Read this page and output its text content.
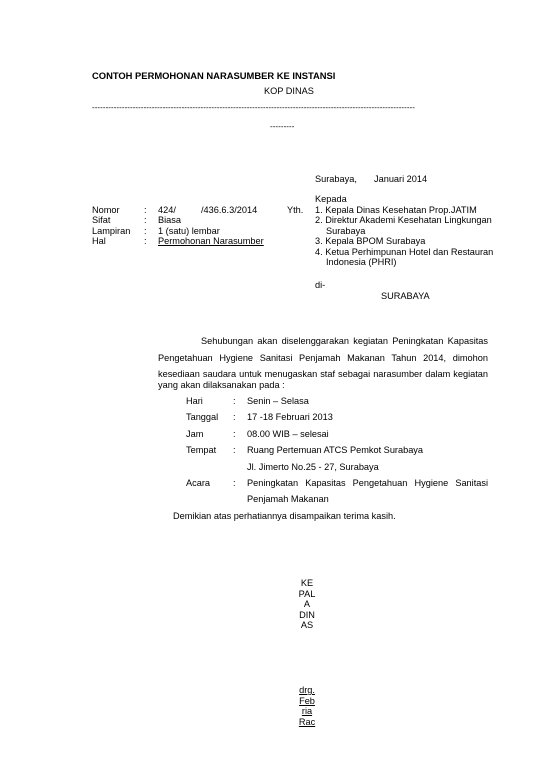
CONTOH PERMOHONAN NARASUMBER KE INSTANSI
KOP DINAS
-----------------------------------------------------------------------------------------------------------------------
---------
Surabaya, Januari 2014
Nomor	: 424/	/436.6.3/2014	Yth.
Sifat	: Biasa
Lampiran : 1 (satu) lembar
Hal	: Permohonan Narasumber
Kepada
1. Kepala Dinas Kesehatan Prop.JATIM
2. Direktur Akademi Kesehatan Lingkungan
Surabaya
3. Kepala BPOM Surabaya
4. Ketua Perhimpunan Hotel dan Restauran
Indonesia (PHRI)
di-
SURABAYA
Sehubungan akan diselenggarakan kegiatan Peningkatan Kapasitas
Pengetahuan Hygiene Sanitasi Penjamah Makanan Tahun 2014, dimohon
kesediaan saudara untuk menugaskan staf sebagai narasumber dalam kegiatan
yang akan dilaksanakan pada :
Hari	: Senin – Selasa
Tanggal : 17 -18 Februari 2013
Jam	: 08.00 WIB – selesai
Tempat : Ruang Pertemuan ATCS Pemkot Surabaya
Jl. Jimerto No.25 - 27, Surabaya
Acara : Peningkatan Kapasitas Pengetahuan Hygiene Sanitasi
Penjamah Makanan
Demikian atas perhatiannya disampaikan terima kasih.
KE
PAL
A
DIN
AS
drg.
Feb
ria
Rac
